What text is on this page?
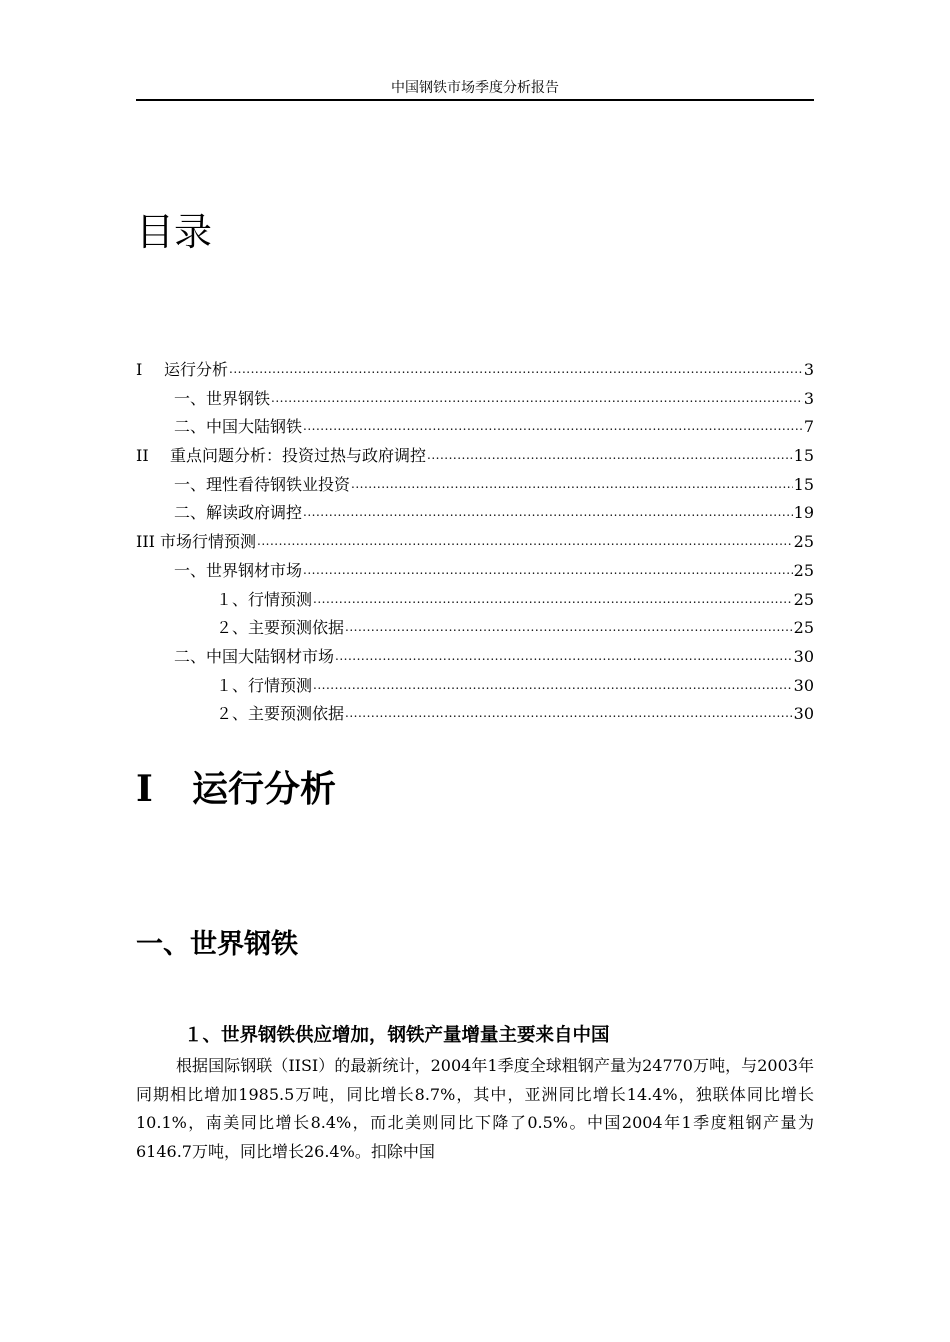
中国钢铁市场季度分析报告
目录
I 运行分析 .....	3
一、世界钢铁 .....	3
二、中国大陆钢铁 .....	7
II 重点问题分析：投资过热与政府调控 .....	15
一、理性看待钢铁业投资 .....	15
二、解读政府调控 .....	19
III 市场行情预测 .....	25
一、世界钢材市场 .....	25
１、行情预测 .....	25
２、主要预测依据 .....	25
二、中国大陆钢材市场 .....	30
１、行情预测 .....	30
２、主要预测依据 .....	30
I 运行分析
一、世界钢铁
１、世界钢铁供应增加，钢铁产量增量主要来自中国

根据国际钢联（IISI）的最新统计，2004年1季度全球粗钢产量为24770万吨，与2003年同期相比增加1985.5万吨，同比增长8.7%，其中，亚洲同比增长14.4%，独联体同比增长10.1%，南美同比增长8.4%，而北美则同比下降了0.5%。中国2004年1季度粗钢产量为6146.7万吨，同比增长26.4%。扣除中国
